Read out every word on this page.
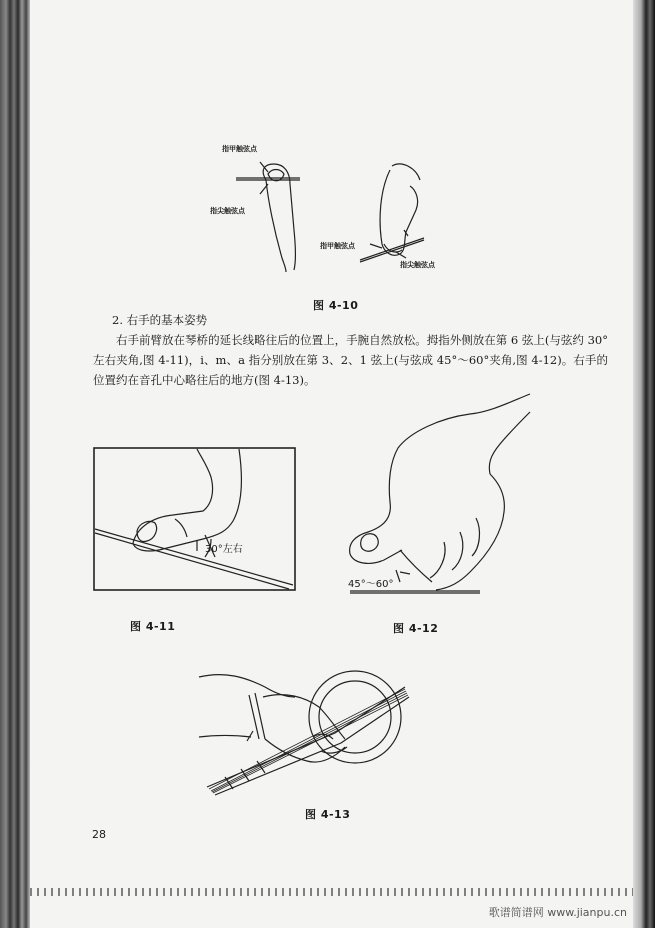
指甲触弦点
指尖触弦点
指甲触弦点
指尖触弦点
图 4-10
2. 右手的基本姿势

右手前臂放在琴桥的延长线略往后的位置上，手腕自然放松。拇指外侧放在第 6 弦上(与弦约 30°左右夹角,图 4-11)，i、m、a 指分别放在第 3、2、1 弦上(与弦成 45°～60°夹角,图 4-12)。右手的位置约在音孔中心略往后的地方(图 4-13)。

30°左右
图 4-11
45°～60°
图 4-12
图 4-13
28
歌谱简谱网 www.jianpu.cn
